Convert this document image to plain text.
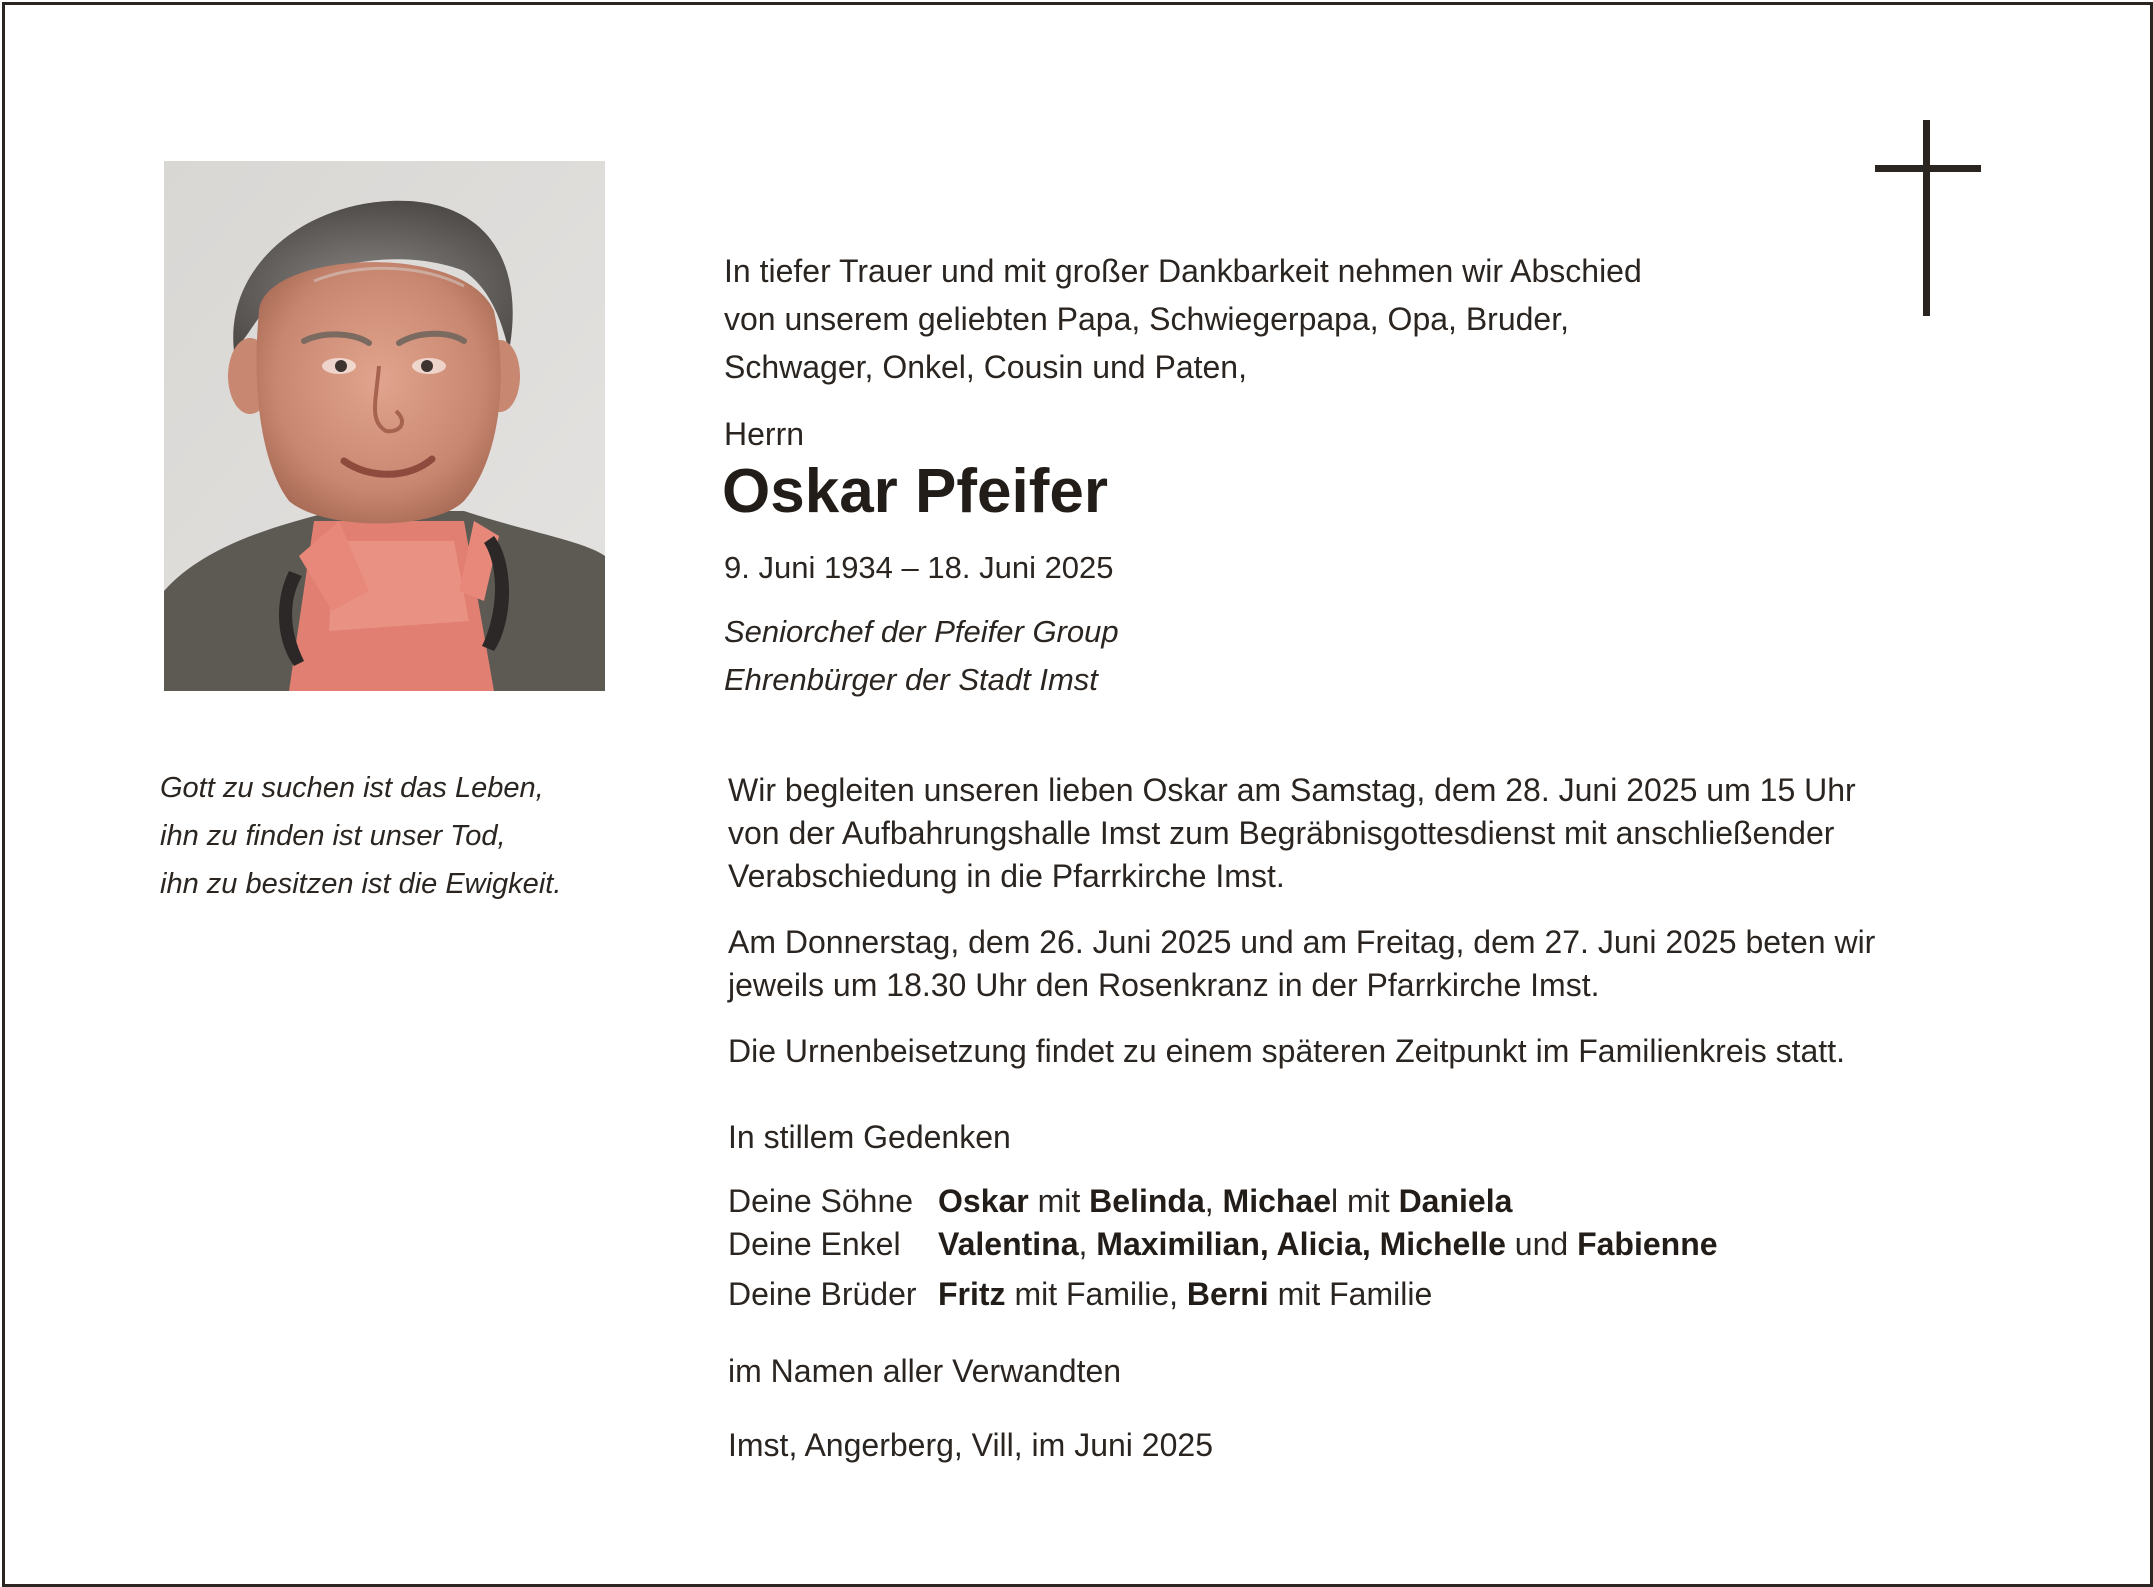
Gott zu suchen ist das Leben,
ihn zu finden ist unser Tod,
ihn zu besitzen ist die Ewigkeit.
In tiefer Trauer und mit großer Dankbarkeit nehmen wir Abschied
von unserem geliebten Papa, Schwiegerpapa, Opa, Bruder,
Schwager, Onkel, Cousin und Paten,
Herrn
Oskar Pfeifer
9. Juni 1934 – 18. Juni 2025
Seniorchef der Pfeifer Group
Ehrenbürger der Stadt Imst
Wir begleiten unseren lieben Oskar am Samstag, dem 28. Juni 2025 um 15 Uhr
von der Aufbahrungshalle Imst zum Begräbnisgottesdienst mit anschließender
Verabschiedung in die Pfarrkirche Imst.
Am Donnerstag, dem 26. Juni 2025 und am Freitag, dem 27. Juni 2025 beten wir
jeweils um 18.30 Uhr den Rosenkranz in der Pfarrkirche Imst.
Die Urnenbeisetzung findet zu einem späteren Zeitpunkt im Familienkreis statt.
In stillem Gedenken
Deine Söhne Oskar mit Belinda, Michael mit Daniela
Deine Enkel	Valentina, Maximilian, Alicia, Michelle und Fabienne
Deine Brüder Fritz mit Familie, Berni mit Familie
im Namen aller Verwandten
Imst, Angerberg, Vill, im Juni 2025
